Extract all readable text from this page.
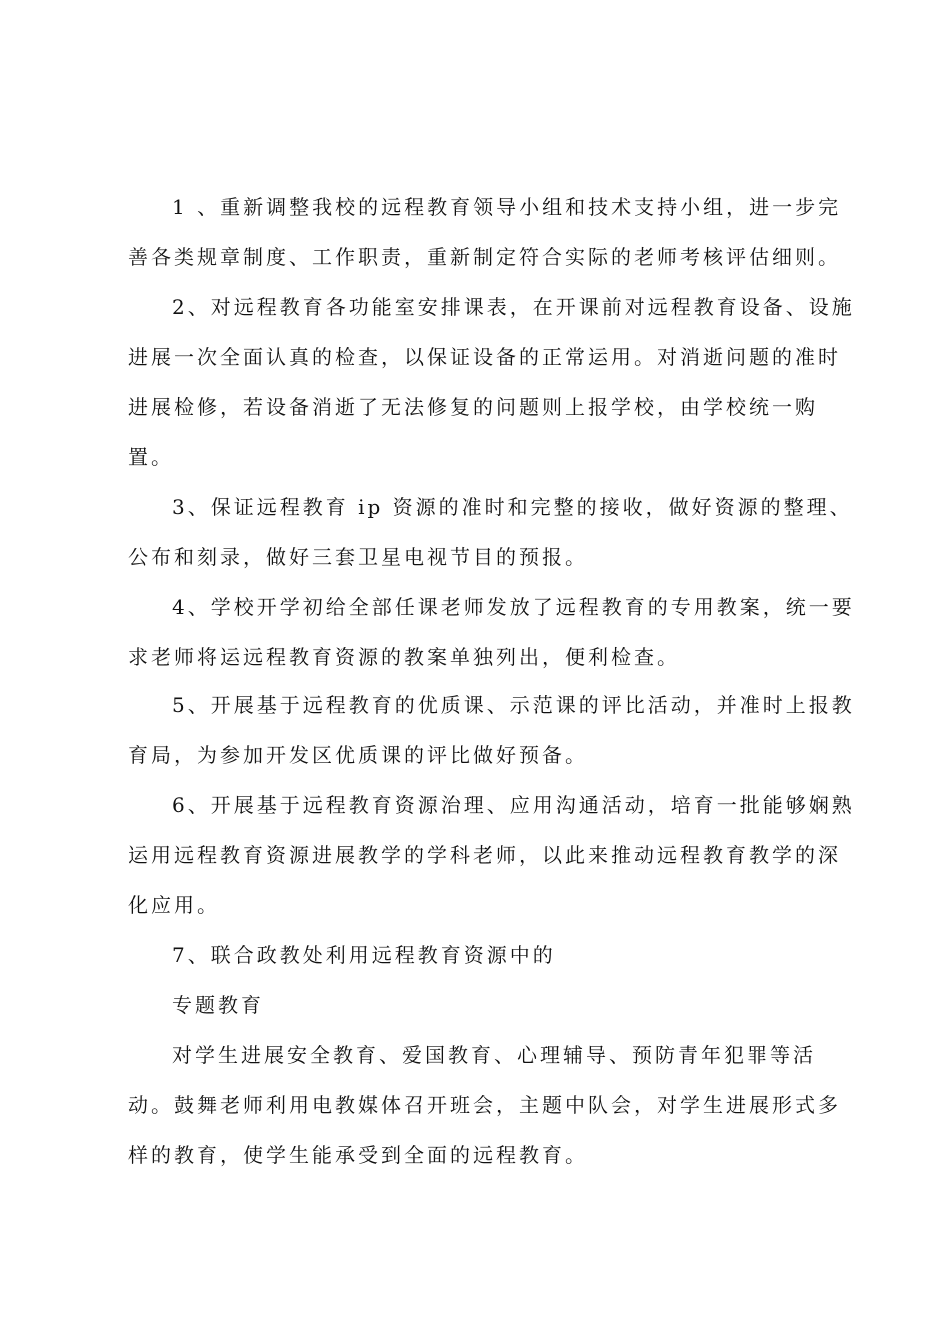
1 、重新调整我校的远程教育领导小组和技术支持小组，进一步完
善各类规章制度、工作职责，重新制定符合实际的老师考核评估细则。
2、对远程教育各功能室安排课表，在开课前对远程教育设备、设施
进展一次全面认真的检查，以保证设备的正常运用。对消逝问题的准时
进展检修，若设备消逝了无法修复的问题则上报学校，由学校统一购
置。
3、保证远程教育 ip 资源的准时和完整的接收，做好资源的整理、
公布和刻录，做好三套卫星电视节目的预报。
4、学校开学初给全部任课老师发放了远程教育的专用教案，统一要
求老师将运远程教育资源的教案单独列出，便利检查。
5、开展基于远程教育的优质课、示范课的评比活动，并准时上报教
育局，为参加开发区优质课的评比做好预备。
6、开展基于远程教育资源治理、应用沟通活动，培育一批能够娴熟
运用远程教育资源进展教学的学科老师，以此来推动远程教育教学的深
化应用。
7、联合政教处利用远程教育资源中的
专题教育
对学生进展安全教育、爱国教育、心理辅导、预防青年犯罪等活
动。鼓舞老师利用电教媒体召开班会，主题中队会，对学生进展形式多
样的教育，使学生能承受到全面的远程教育。
